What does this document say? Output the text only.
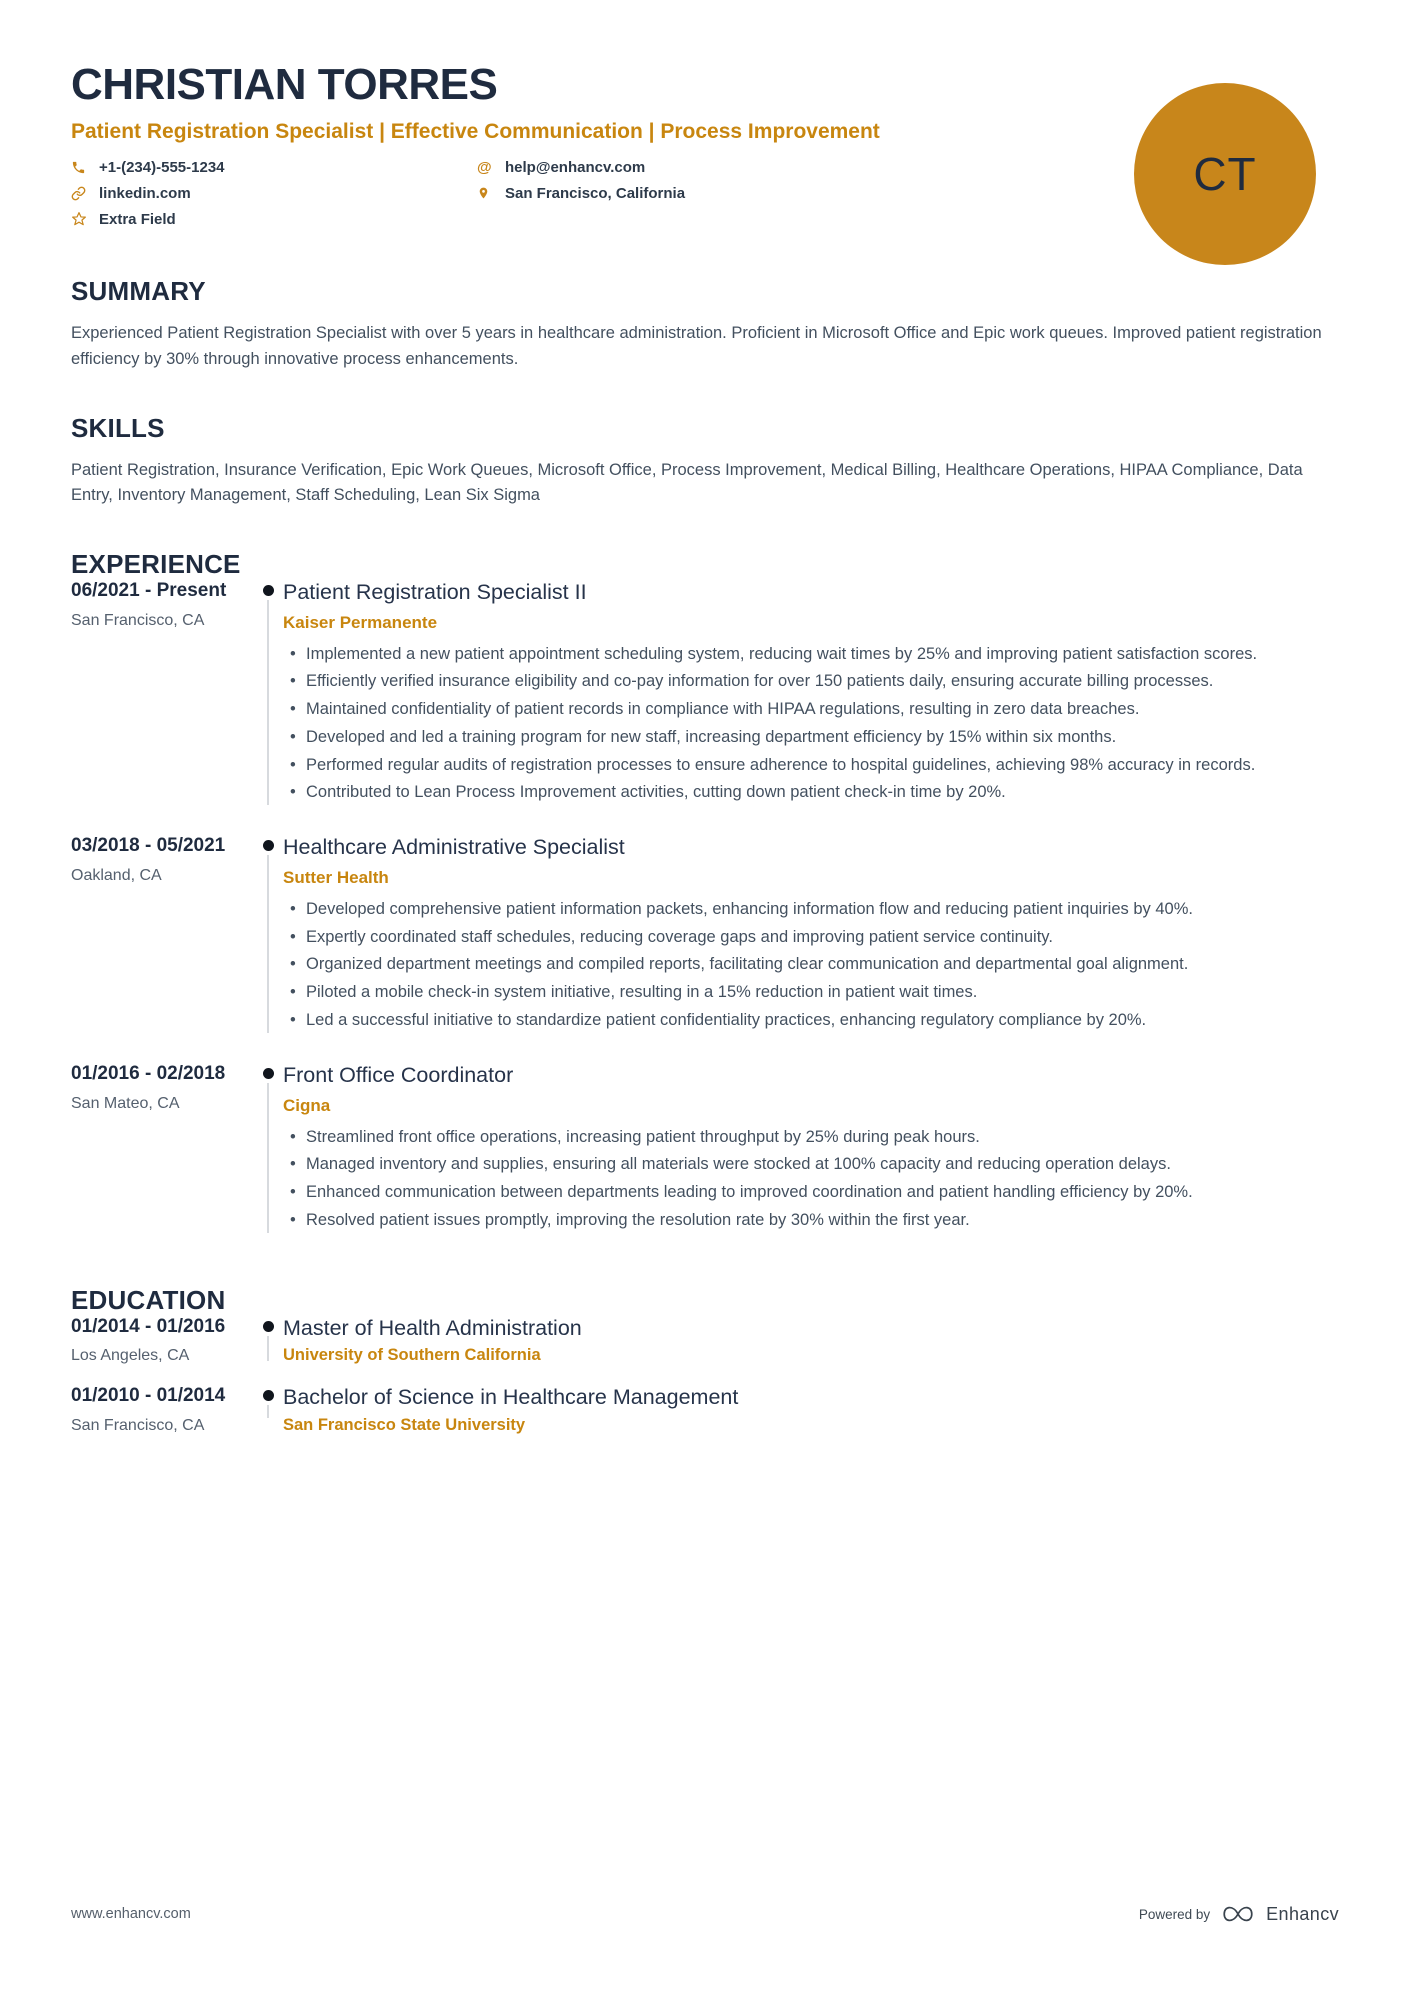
CHRISTIAN TORRES
Patient Registration Specialist | Effective Communication | Process Improvement
+1-(234)-555-1234
linkedin.com
Extra Field
@ help@enhancv.com
San Francisco, California
SUMMARY
Experienced Patient Registration Specialist with over 5 years in healthcare administration. Proficient in Microsoft Office and Epic work queues. Improved patient registration efficiency by 30% through innovative process enhancements.
SKILLS
Patient Registration, Insurance Verification, Epic Work Queues, Microsoft Office, Process Improvement, Medical Billing, Healthcare Operations, HIPAA Compliance, Data Entry, Inventory Management, Staff Scheduling, Lean Six Sigma
EXPERIENCE
06/2021 - Present
San Francisco, CA
Patient Registration Specialist II
Kaiser Permanente
• Implemented a new patient appointment scheduling system, reducing wait times by 25% and improving patient satisfaction scores.
• Efficiently verified insurance eligibility and co-pay information for over 150 patients daily, ensuring accurate billing processes.
• Maintained confidentiality of patient records in compliance with HIPAA regulations, resulting in zero data breaches.
• Developed and led a training program for new staff, increasing department efficiency by 15% within six months.
• Performed regular audits of registration processes to ensure adherence to hospital guidelines, achieving 98% accuracy in records.
• Contributed to Lean Process Improvement activities, cutting down patient check-in time by 20%.
03/2018 - 05/2021
Oakland, CA
Healthcare Administrative Specialist
Sutter Health
• Developed comprehensive patient information packets, enhancing information flow and reducing patient inquiries by 40%.
• Expertly coordinated staff schedules, reducing coverage gaps and improving patient service continuity.
• Organized department meetings and compiled reports, facilitating clear communication and departmental goal alignment.
• Piloted a mobile check-in system initiative, resulting in a 15% reduction in patient wait times.
• Led a successful initiative to standardize patient confidentiality practices, enhancing regulatory compliance by 20%.
01/2016 - 02/2018
San Mateo, CA
Front Office Coordinator
Cigna
• Streamlined front office operations, increasing patient throughput by 25% during peak hours.
• Managed inventory and supplies, ensuring all materials were stocked at 100% capacity and reducing operation delays.
• Enhanced communication between departments leading to improved coordination and patient handling efficiency by 20%.
• Resolved patient issues promptly, improving the resolution rate by 30% within the first year.
EDUCATION
01/2014 - 01/2016
Los Angeles, CA
Master of Health Administration
University of Southern California
01/2010 - 01/2014
San Francisco, CA
Bachelor of Science in Healthcare Management
San Francisco State University
CT
www.enhancv.com	Powered by	Enhancv
